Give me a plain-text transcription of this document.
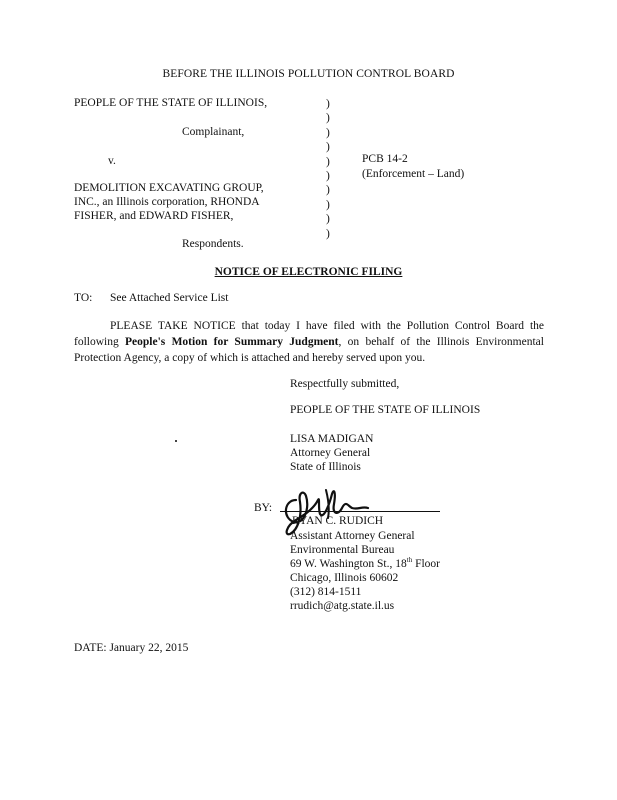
BEFORE THE ILLINOIS POLLUTION CONTROL BOARD
PEOPLE OF THE STATE OF ILLINOIS,
Complainant,
v.
DEMOLITION EXCAVATING GROUP,
INC., an Illinois corporation, RHONDA
FISHER, and EDWARD FISHER,
Respondents.
)
)
)
)
)
)
)
)
)
)
PCB 14-2
(Enforcement – Land)
NOTICE OF ELECTRONIC FILING
TO: See Attached Service List
PLEASE TAKE NOTICE that today I have filed with the Pollution Control Board the following People's Motion for Summary Judgment, on behalf of the Illinois Environmental Protection Agency, a copy of which is attached and hereby served upon you.
Respectfully submitted,
PEOPLE OF THE STATE OF ILLINOIS
LISA MADIGAN
Attorney General
State of Illinois
BY:
RYAN C. RUDICH
Assistant Attorney General
Environmental Bureau
69 W. Washington St., 18th Floor
Chicago, Illinois 60602
(312) 814-1511
rrudich@atg.state.il.us
DATE: January 22, 2015
